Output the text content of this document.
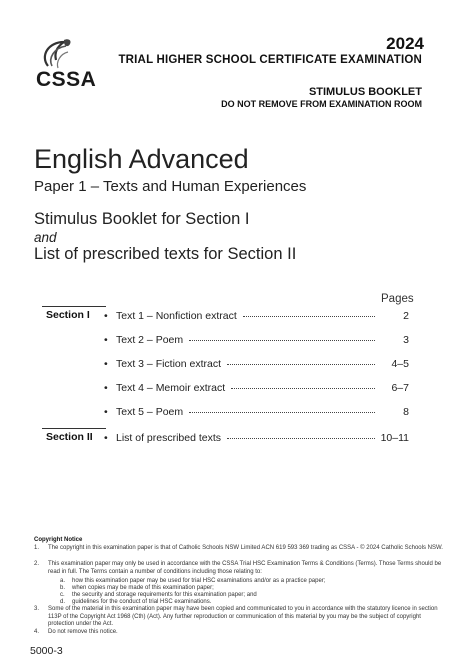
CSSA
2024
TRIAL HIGHER SCHOOL CERTIFICATE EXAMINATION
STIMULUS BOOKLET
DO NOT REMOVE FROM EXAMINATION ROOM
English Advanced
Paper 1 – Texts and Human Experiences
Stimulus Booklet for Section I
and
List of prescribed texts for Section II
Pages
Section I • Text 1 – Nonfiction extract	2
• Text 2 – Poem	3
• Text 3 – Fiction extract	4–5
• Text 4 – Memoir extract	6–7
• Text 5 – Poem	8
Section II • List of prescribed texts	10–11
Copyright Notice
1.	The copyright in this examination paper is that of Catholic Schools NSW Limited ACN 619 593 369 trading as CSSA - © 2024 Catholic Schools NSW.
2.	This examination paper may only be used in accordance with the CSSA Trial HSC Examination Terms & Conditions (Terms). Those Terms should be read in full. The Terms contain a number of conditions including those relating to:
a.	how this examination paper may be used for trial HSC examinations and/or as a practice paper;
b.	when copies may be made of this examination paper;
c.	the security and storage requirements for this examination paper; and
d.	guidelines for the conduct of trial HSC examinations.
3.	Some of the material in this examination paper may have been copied and communicated to you in accordance with the statutory licence in section 113P of the Copyright Act 1968 (Cth) (Act). Any further reproduction or communication of this material by you may be the subject of copyright protection under the Act.
4.	Do not remove this notice.
5000-3
